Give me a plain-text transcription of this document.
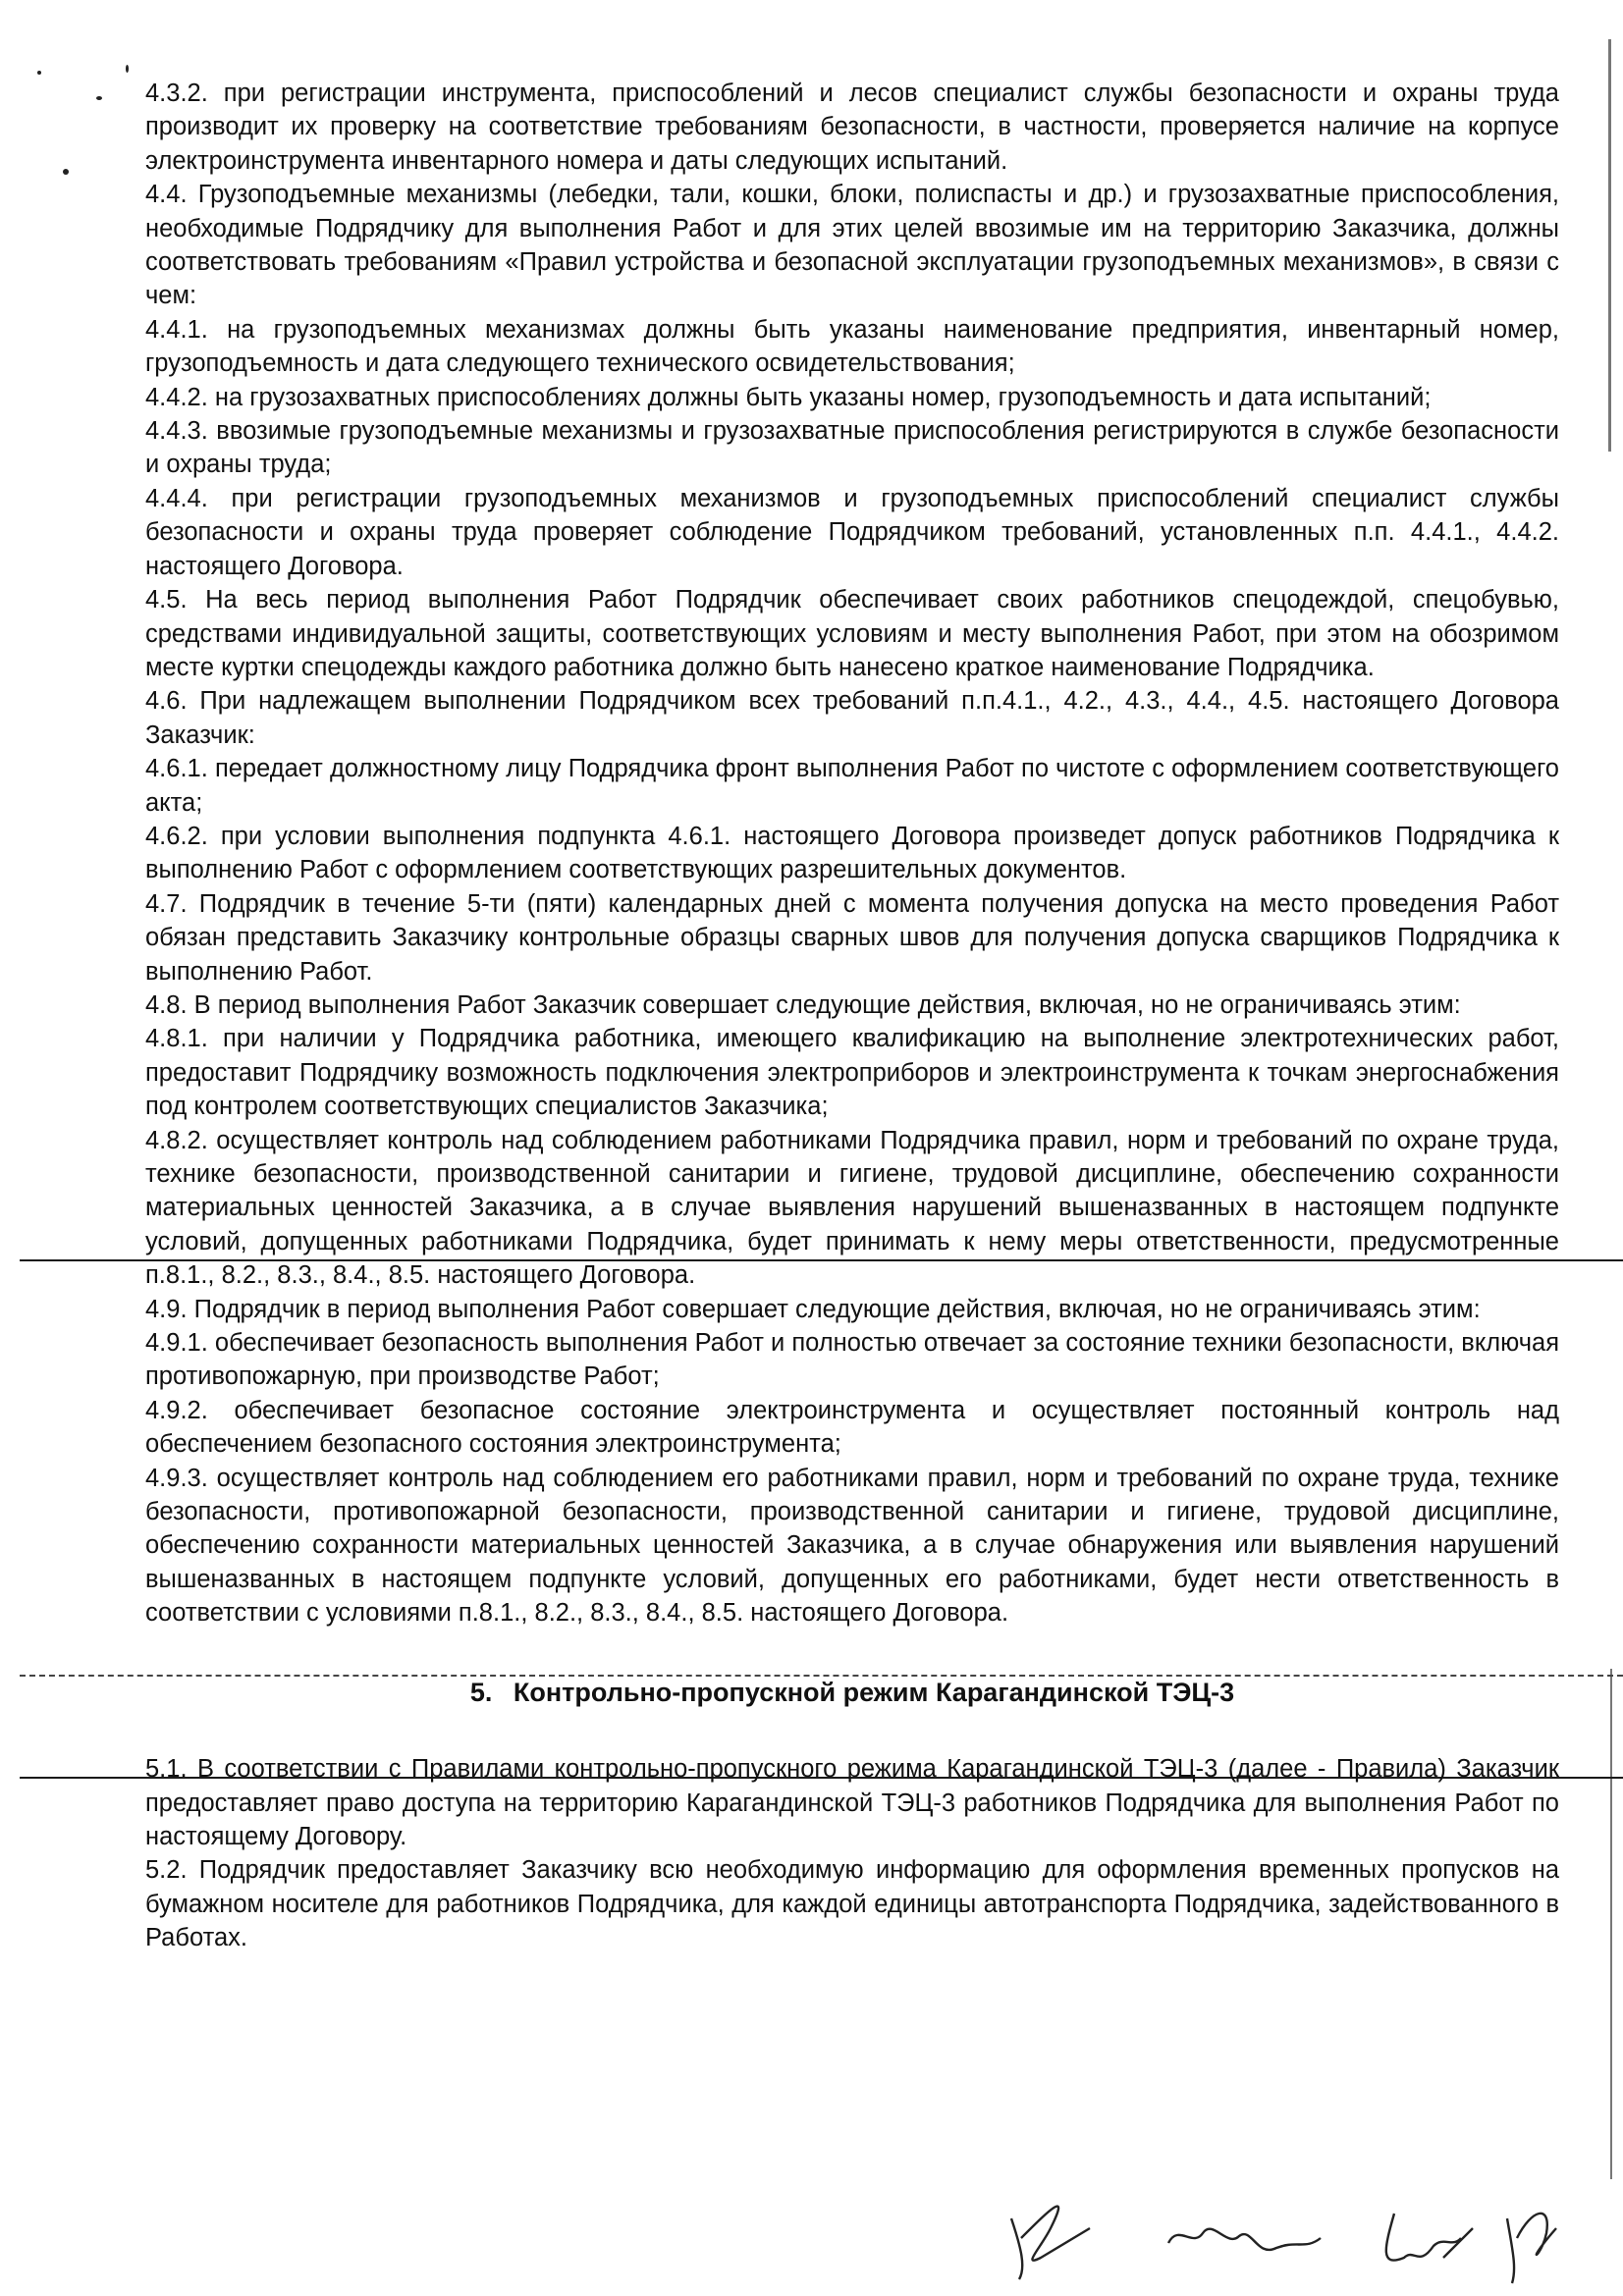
4.3.2. при регистрации инструмента, приспособлений и лесов специалист службы безопасности и охраны труда производит их проверку на соответствие требованиям безопасности, в частности, проверяется наличие на корпусе электроинструмента инвентарного номера и даты следующих испытаний.

4.4. Грузоподъемные механизмы (лебедки, тали, кошки, блоки, полиспасты и др.) и грузозахватные приспособления, необходимые Подрядчику для выполнения Работ и для этих целей ввозимые им на территорию Заказчика, должны соответствовать требованиям «Правил устройства и безопасной эксплуатации грузоподъемных механизмов», в связи с чем:

4.4.1. на грузоподъемных механизмах должны быть указаны наименование предприятия, инвентарный номер, грузоподъемность и дата следующего технического освидетельствования;

4.4.2. на грузозахватных приспособлениях должны быть указаны номер, грузоподъемность и дата испытаний;

4.4.3. ввозимые грузоподъемные механизмы и грузозахватные приспособления регистрируются в службе безопасности и охраны труда;

4.4.4. при регистрации грузоподъемных механизмов и грузоподъемных приспособлений специалист службы безопасности и охраны труда проверяет соблюдение Подрядчиком требований, установленных п.п. 4.4.1., 4.4.2. настоящего Договора.

4.5. На весь период выполнения Работ Подрядчик обеспечивает своих работников спецодеждой, спецобувью, средствами индивидуальной защиты, соответствующих условиям и месту выполнения Работ, при этом на обозримом месте куртки спецодежды каждого работника должно быть нанесено краткое наименование Подрядчика.

4.6. При надлежащем выполнении Подрядчиком всех требований п.п.4.1., 4.2., 4.3., 4.4., 4.5. настоящего Договора Заказчик:

4.6.1. передает должностному лицу Подрядчика фронт выполнения Работ по чистоте с оформлением соответствующего акта;

4.6.2. при условии выполнения подпункта 4.6.1. настоящего Договора произведет допуск работников Подрядчика к выполнению Работ с оформлением соответствующих разрешительных документов.

4.7. Подрядчик в течение 5-ти (пяти) календарных дней с момента получения допуска на место проведения Работ обязан представить Заказчику контрольные образцы сварных швов для получения допуска сварщиков Подрядчика к выполнению Работ.

4.8. В период выполнения Работ Заказчик совершает следующие действия, включая, но не ограничиваясь этим:

4.8.1. при наличии у Подрядчика работника, имеющего квалификацию на выполнение электротехнических работ, предоставит Подрядчику возможность подключения электроприборов и электроинструмента к точкам энергоснабжения под контролем соответствующих специалистов Заказчика;

4.8.2. осуществляет контроль над соблюдением работниками Подрядчика правил, норм и требований по охране труда, технике безопасности, производственной санитарии и гигиене, трудовой дисциплине, обеспечению сохранности материальных ценностей Заказчика, а в случае выявления нарушений вышеназванных в настоящем подпункте условий, допущенных работниками Подрядчика, будет принимать к нему меры ответственности, предусмотренные п.8.1., 8.2., 8.3., 8.4., 8.5. настоящего Договора.

4.9. Подрядчик в период выполнения Работ совершает следующие действия, включая, но не ограничиваясь этим:

4.9.1. обеспечивает безопасность выполнения Работ и полностью отвечает за состояние техники безопасности, включая противопожарную, при производстве Работ;

4.9.2. обеспечивает безопасное состояние электроинструмента и осуществляет постоянный контроль над обеспечением безопасного состояния электроинструмента;

4.9.3. осуществляет контроль над соблюдением его работниками правил, норм и требований по охране труда, технике безопасности, противопожарной безопасности, производственной санитарии и гигиене, трудовой дисциплине, обеспечению сохранности материальных ценностей Заказчика, а в случае обнаружения или выявления нарушений вышеназванных в настоящем подпункте условий, допущенных его работниками, будет нести ответственность в соответствии с условиями п.8.1., 8.2., 8.3., 8.4., 8.5. настоящего Договора.

5. Контрольно-пропускной режим Карагандинской ТЭЦ-3

5.1. В соответствии с Правилами контрольно-пропускного режима Карагандинской ТЭЦ-3 (далее - Правила) Заказчик предоставляет право доступа на территорию Карагандинской ТЭЦ-3 работников Подрядчика для выполнения Работ по настоящему Договору.

5.2. Подрядчик предоставляет Заказчику всю необходимую информацию для оформления временных пропусков на бумажном носителе для работников Подрядчика, для каждой единицы автотранспорта Подрядчика, задействованного в Работах.
